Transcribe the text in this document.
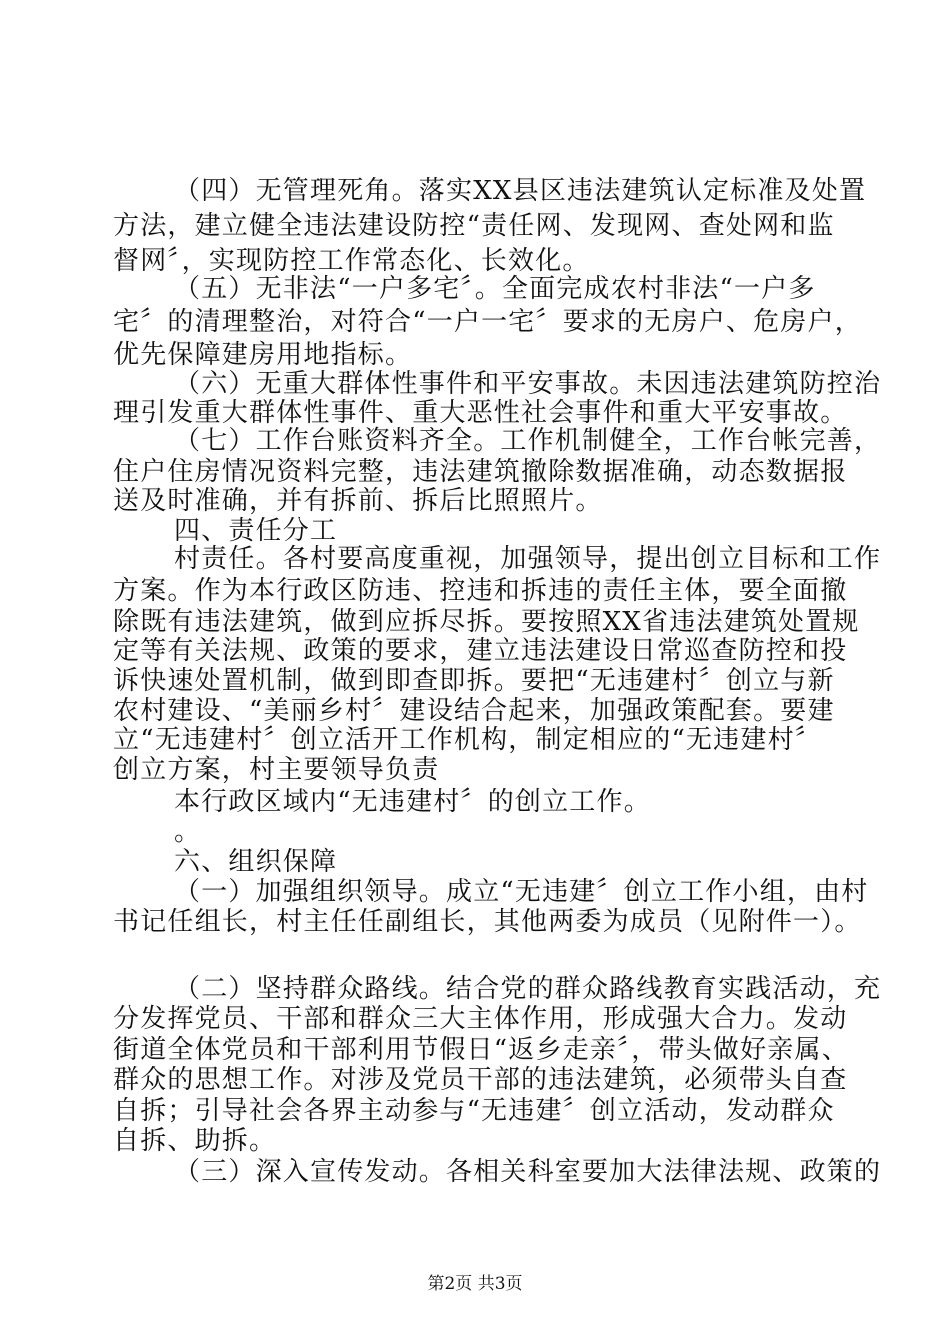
（四）无管理死角。落实XX县区违法建筑认定标准及处置
方法，建立健全违法建设防控“责任网、发现网、查处网和监
督网〞，实现防控工作常态化、长效化。
（五）无非法“一户多宅〞。全面完成农村非法“一户多
宅〞的清理整治，对符合“一户一宅〞要求的无房户、危房户，
优先保障建房用地指标。
（六）无重大群体性事件和平安事故。未因违法建筑防控治
理引发重大群体性事件、重大恶性社会事件和重大平安事故。
（七）工作台账资料齐全。工作机制健全，工作台帐完善，
住户住房情况资料完整，违法建筑撤除数据准确，动态数据报
送及时准确，并有拆前、拆后比照照片。
四、责任分工
村责任。各村要高度重视，加强领导，提出创立目标和工作
方案。作为本行政区防违、控违和拆违的责任主体，要全面撤
除既有违法建筑，做到应拆尽拆。要按照XX省违法建筑处置规
定等有关法规、政策的要求，建立违法建设日常巡查防控和投
诉快速处置机制，做到即查即拆。要把“无违建村〞创立与新
农村建设、“美丽乡村〞建设结合起来，加强政策配套。要建
立“无违建村〞创立活开工作机构，制定相应的“无违建村〞
创立方案，村主要领导负责
本行政区域内“无违建村〞的创立工作。
。
六、组织保障
（一）加强组织领导。成立“无违建〞创立工作小组，由村
书记任组长，村主任任副组长，其他两委为成员（见附件一）。
（二）坚持群众路线。结合党的群众路线教育实践活动，充
分发挥党员、干部和群众三大主体作用，形成强大合力。发动
街道全体党员和干部利用节假日“返乡走亲〞，带头做好亲属、
群众的思想工作。对涉及党员干部的违法建筑，必须带头自查
自拆；引导社会各界主动参与“无违建〞创立活动，发动群众
自拆、助拆。
（三）深入宣传发动。各相关科室要加大法律法规、政策的
第2页 共3页
